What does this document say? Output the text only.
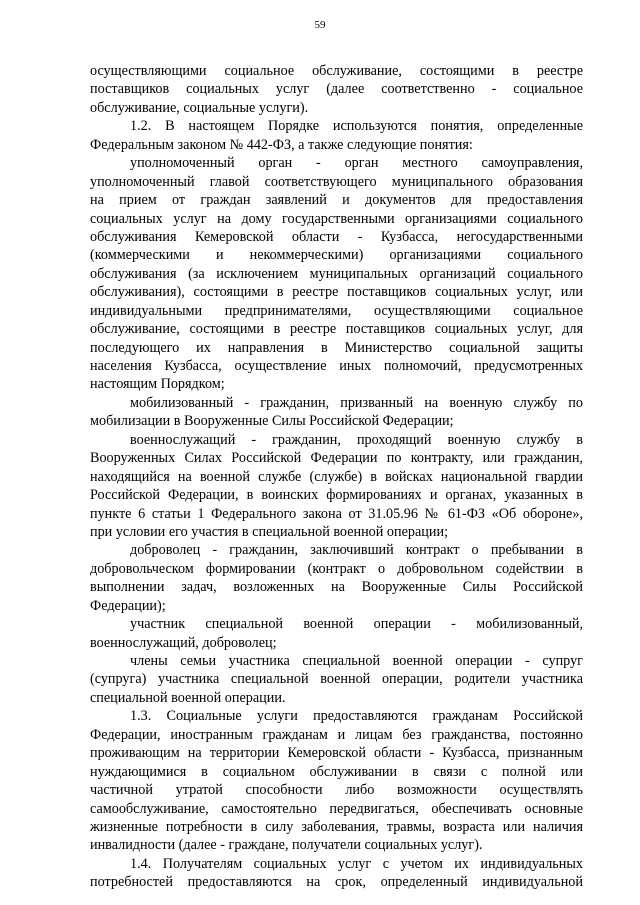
59
осуществляющими социальное обслуживание, состоящими в реестре
поставщиков социальных услуг (далее соответственно - социальное
обслуживание, социальные услуги).
1.2. В настоящем Порядке используются понятия, определенные
Федеральным законом № 442-ФЗ, а также следующие понятия:
уполномоченный орган - орган местного самоуправления,
уполномоченный главой соответствующего муниципального образования
на прием от граждан заявлений и документов для предоставления
социальных услуг на дому государственными организациями социального
обслуживания Кемеровской области - Кузбасса, негосударственными
(коммерческими и некоммерческими) организациями социального
обслуживания (за исключением муниципальных организаций социального
обслуживания), состоящими в реестре поставщиков социальных услуг, или
индивидуальными предпринимателями, осуществляющими социальное
обслуживание, состоящими в реестре поставщиков социальных услуг, для
последующего их направления в Министерство социальной защиты
населения Кузбасса, осуществление иных полномочий, предусмотренных
настоящим Порядком;
мобилизованный - гражданин, призванный на военную службу по
мобилизации в Вооруженные Силы Российской Федерации;
военнослужащий - гражданин, проходящий военную службу в
Вооруженных Силах Российской Федерации по контракту, или гражданин,
находящийся на военной службе (службе) в войсках национальной гвардии
Российской Федерации, в воинских формированиях и органах, указанных в
пункте 6 статьи 1 Федерального закона от 31.05.96 № 61-ФЗ «Об обороне»,
при условии его участия в специальной военной операции;
доброволец - гражданин, заключивший контракт о пребывании в
добровольческом формировании (контракт о добровольном содействии в
выполнении задач, возложенных на Вооруженные Силы Российской
Федерации);
участник специальной военной операции - мобилизованный,
военнослужащий, доброволец;
члены семьи участника специальной военной операции - супруг
(супруга) участника специальной военной операции, родители участника
специальной военной операции.
1.3. Социальные услуги предоставляются гражданам Российской
Федерации, иностранным гражданам и лицам без гражданства, постоянно
проживающим на территории Кемеровской области - Кузбасса, признанным
нуждающимися в социальном обслуживании в связи с полной или
частичной утратой способности либо возможности осуществлять
самообслуживание, самостоятельно передвигаться, обеспечивать основные
жизненные потребности в силу заболевания, травмы, возраста или наличия
инвалидности (далее - граждане, получатели социальных услуг).
1.4. Получателям социальных услуг с учетом их индивидуальных
потребностей предоставляются на срок, определенный индивидуальной
